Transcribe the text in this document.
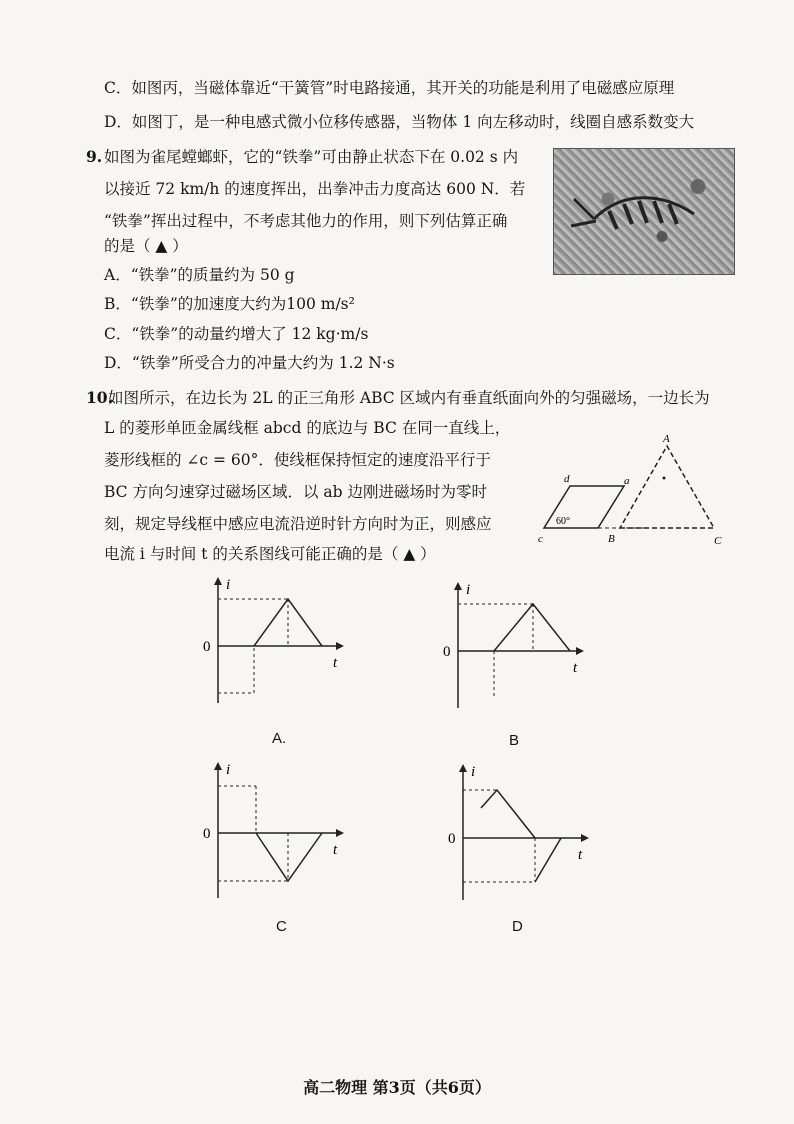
C．如图丙，当磁体靠近“干簧管”时电路接通，其开关的功能是利用了电磁感应原理
D．如图丁，是一种电感式微小位移传感器，当物体 1 向左移动时，线圈自感系数变大
9. 如图为雀尾螳螂虾，它的“铁拳”可由静止状态下在 0.02 s 内
以接近 72 km/h 的速度挥出，出拳冲击力度高达 600 N．若
“铁拳”挥出过程中，不考虑其他力的作用，则下列估算正确
的是（ ▲ ）
A．“铁拳”的质量约为 50 g
B．“铁拳”的加速度大约为100 m/s²
C．“铁拳”的动量约增大了 12 kg·m/s
D．“铁拳”所受合力的冲量大约为 1.2 N·s
10.
如图所示，在边长为 2L 的正三角形 ABC 区域内有垂直纸面向外的匀强磁场，一边长为
L 的菱形单匝金属线框 abcd 的底边与 BC 在同一直线上，
菱形线框的 ∠c = 60°．使线框保持恒定的速度沿平行于
BC 方向匀速穿过磁场区域．以 ab 边刚进磁场时为零时
刻，规定导线框中感应电流沿逆时针方向时为正，则感应
电流 i 与时间 t 的关系图线可能正确的是（ ▲ ）
d	a
c	B
A
C
60°
i
t
0
A.
i
t
0
B
i
t
0
C
i
t
0
D
高二物理 第3页（共6页）
